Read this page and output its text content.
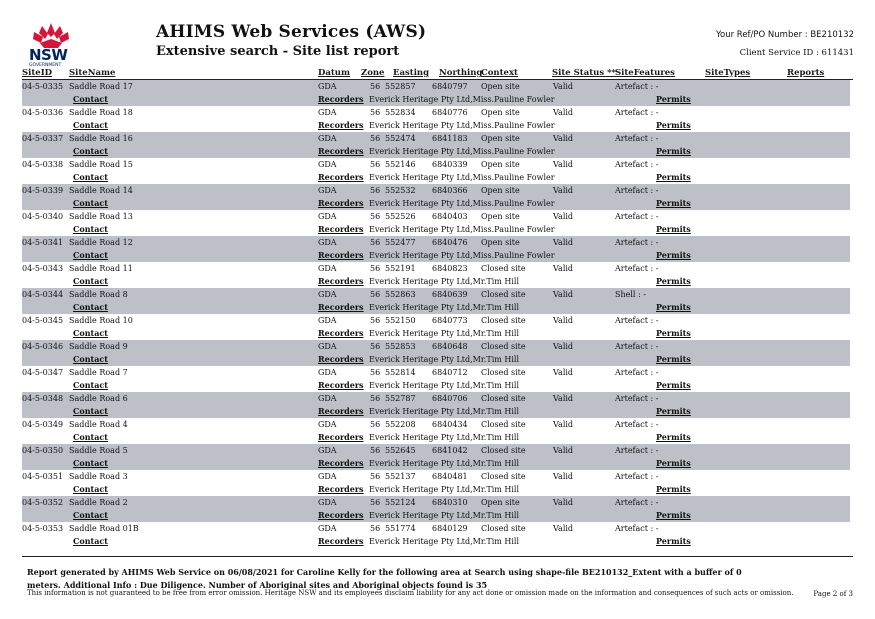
NSW
GOVERNMENT
AHIMS Web Services (AWS)
Extensive search - Site list report
Your Ref/PO Number : BE210132
Client Service ID : 611431
SiteID SiteName	Datum Zone Easting Northing
Context	Site Status ** SiteFeatures	SiteTypes	Reports
04-5-0335 Saddle Road 17	GDA	56 552857 6840797 Open site	Valid	Artefact : -
Contact	Recorders Everick Heritage Pty Ltd,Miss.Pauline Fowler	Permits
04-5-0336 Saddle Road 18	GDA	56 552834 6840776 Open site	Valid	Artefact : -
Contact	Recorders Everick Heritage Pty Ltd,Miss.Pauline Fowler	Permits
04-5-0337 Saddle Road 16	GDA	56 552474 6841183 Open site	Valid	Artefact : -
Contact	Recorders Everick Heritage Pty Ltd,Miss.Pauline Fowler	Permits
04-5-0338 Saddle Road 15	GDA	56 552146 6840339 Open site	Valid	Artefact : -
Contact	Recorders Everick Heritage Pty Ltd,Miss.Pauline Fowler	Permits
04-5-0339 Saddle Road 14	GDA	56 552532 6840366 Open site	Valid	Artefact : -
Contact	Recorders Everick Heritage Pty Ltd,Miss.Pauline Fowler	Permits
04-5-0340 Saddle Road 13	GDA	56 552526 6840403 Open site	Valid	Artefact : -
Contact	Recorders Everick Heritage Pty Ltd,Miss.Pauline Fowler	Permits
04-5-0341 Saddle Road 12	GDA	56 552477 6840476 Open site	Valid	Artefact : -
Contact	Recorders Everick Heritage Pty Ltd,Miss.Pauline Fowler	Permits
04-5-0343 Saddle Road 11	GDA	56 552191 6840823 Closed site	Valid	Artefact : -
Contact	Recorders Everick Heritage Pty Ltd,Mr.Tim Hill	Permits
04-5-0344 Saddle Road 8	GDA	56 552863 6840639 Closed site	Valid	Shell : -
Contact	Recorders Everick Heritage Pty Ltd,Mr.Tim Hill	Permits
04-5-0345 Saddle Road 10	GDA	56 552150 6840773 Closed site	Valid	Artefact : -
Contact	Recorders Everick Heritage Pty Ltd,Mr.Tim Hill	Permits
04-5-0346 Saddle Road 9	GDA	56 552853 6840648 Closed site	Valid	Artefact : -
Contact	Recorders Everick Heritage Pty Ltd,Mr.Tim Hill	Permits
04-5-0347 Saddle Road 7	GDA	56 552814 6840712 Closed site	Valid	Artefact : -
Contact	Recorders Everick Heritage Pty Ltd,Mr.Tim Hill	Permits
04-5-0348 Saddle Road 6	GDA	56 552787 6840706 Closed site	Valid	Artefact : -
Contact	Recorders Everick Heritage Pty Ltd,Mr.Tim Hill	Permits
04-5-0349 Saddle Road 4	GDA	56 552208 6840434 Closed site	Valid	Artefact : -
Contact	Recorders Everick Heritage Pty Ltd,Mr.Tim Hill	Permits
04-5-0350 Saddle Road 5	GDA	56 552645 6841042 Closed site	Valid	Artefact : -
Contact	Recorders Everick Heritage Pty Ltd,Mr.Tim Hill	Permits
04-5-0351 Saddle Road 3	GDA	56 552137 6840481 Closed site	Valid	Artefact : -
Contact	Recorders Everick Heritage Pty Ltd,Mr.Tim Hill	Permits
04-5-0352 Saddle Road 2	GDA	56 552124 6840310 Open site	Valid	Artefact : -
Contact	Recorders Everick Heritage Pty Ltd,Mr.Tim Hill	Permits
04-5-0353 Saddle Road 01B	GDA	56 551774 6840129 Closed site	Valid	Artefact : -
Contact	Recorders Everick Heritage Pty Ltd,Mr.Tim Hill	Permits
Report generated by AHIMS Web Service on 06/08/2021 for Caroline Kelly for the following area at Search using shape-file BE210132_Extent with a buffer of 0 meters. Additional Info : Due Diligence. Number of Aboriginal sites and Aboriginal objects found is 35
This information is not guaranteed to be free from error omission. Heritage NSW and its employees disclaim liability for any act done or omission made on the information and consequences of such acts or omission.	Page 2 of 3
